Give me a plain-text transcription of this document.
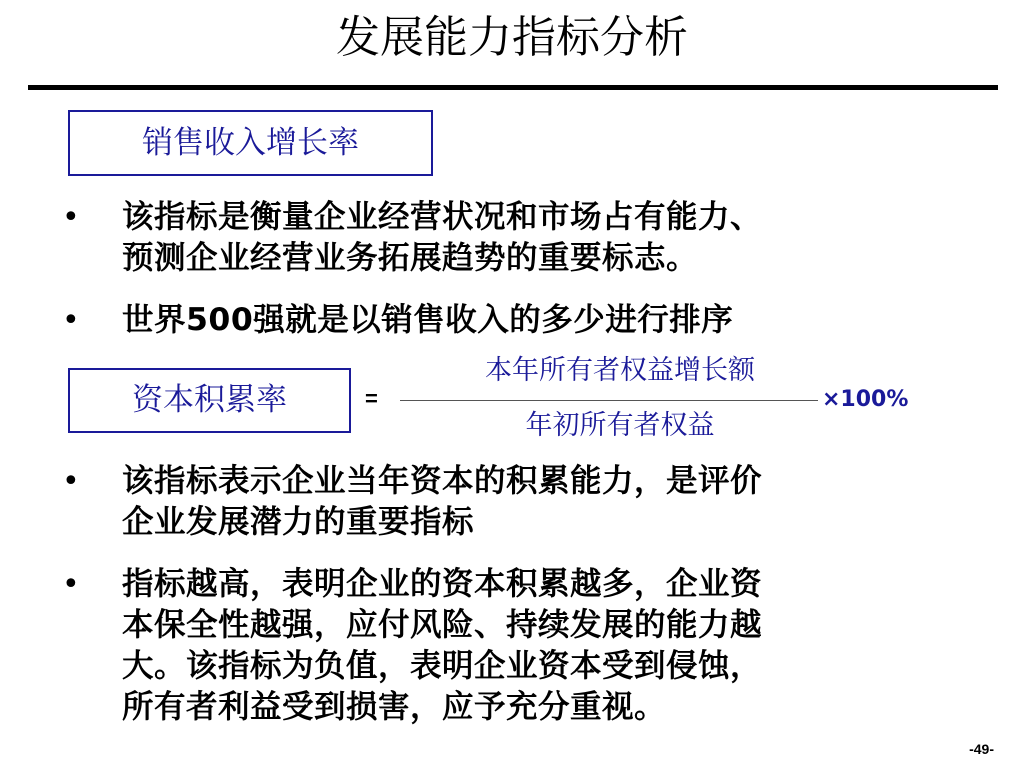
发展能力指标分析
销售收入增长率
• 该指标是衡量企业经营状况和市场占有能力、
预测企业经营业务拓展趋势的重要标志。
• 世界500强就是以销售收入的多少进行排序
资本积累率	=
本年所有者权益增长额
年初所有者权益
×100%
• 该指标表示企业当年资本的积累能力，是评价
企业发展潜力的重要指标
• 指标越高，表明企业的资本积累越多，企业资
本保全性越强，应付风险、持续发展的能力越
大。该指标为负值，表明企业资本受到侵蚀，
所有者利益受到损害，应予充分重视。
-49-
